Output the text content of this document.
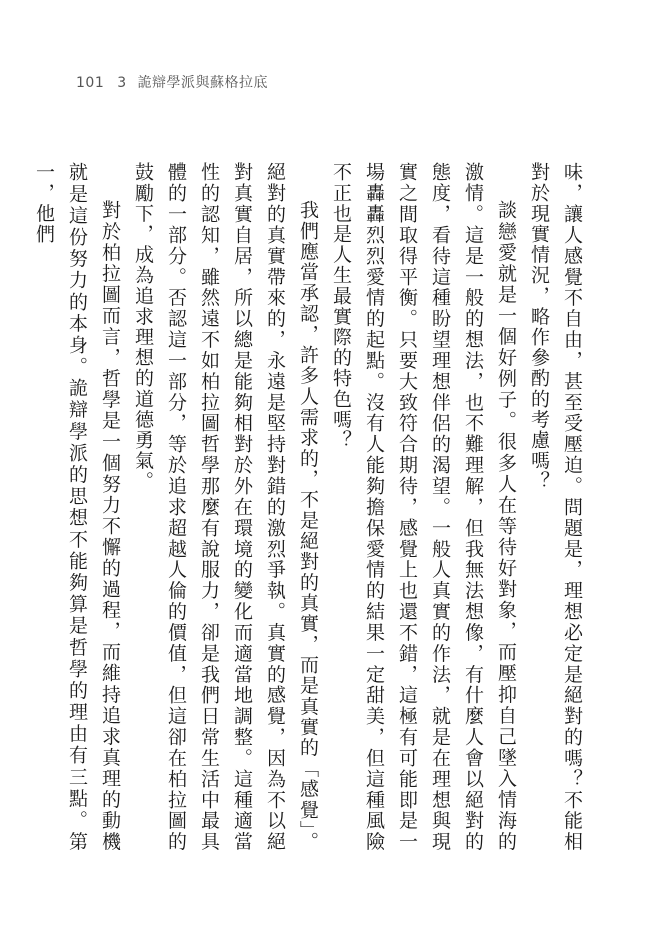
101 3 詭辯學派與蘇格拉底

味，讓人感覺不自由，甚至受壓迫。問題是，理想必定是絕對的嗎？不能相對於現實情況，略作參酌的考慮嗎？

談戀愛就是一個好例子。很多人在等待好對象，而壓抑自己墜入情海的激情。這是一般的想法，也不難理解，但我無法想像，有什麼人會以絕對的態度，看待這種盼望理想伴侶的渴望。一般人真實的作法，就是在理想與現實之間取得平衡。只要大致符合期待，感覺上也還不錯，這極有可能即是一場轟轟烈烈愛情的起點。沒有人能夠擔保愛情的結果一定甜美，但這種風險不正也是人生最實際的特色嗎？

我們應當承認，許多人需求的，不是絕對的真實，而是真實的「感覺」。絕對的真實帶來的，永遠是堅持對錯的激烈爭執。真實的感覺，因為不以絕對真實自居，所以總是能夠相對於外在環境的變化而適當地調整。這種適當性的認知，雖然遠不如柏拉圖哲學那麼有說服力，卻是我們日常生活中最具體的一部分。否認這一部分，等於追求超越人倫的價值，但這卻在柏拉圖的鼓勵下，成為追求理想的道德勇氣。

對於柏拉圖而言，哲學是一個努力不懈的過程，而維持追求真理的動機就是這份努力的本身。詭辯學派的思想不能夠算是哲學的理由有三點。第一，他們
